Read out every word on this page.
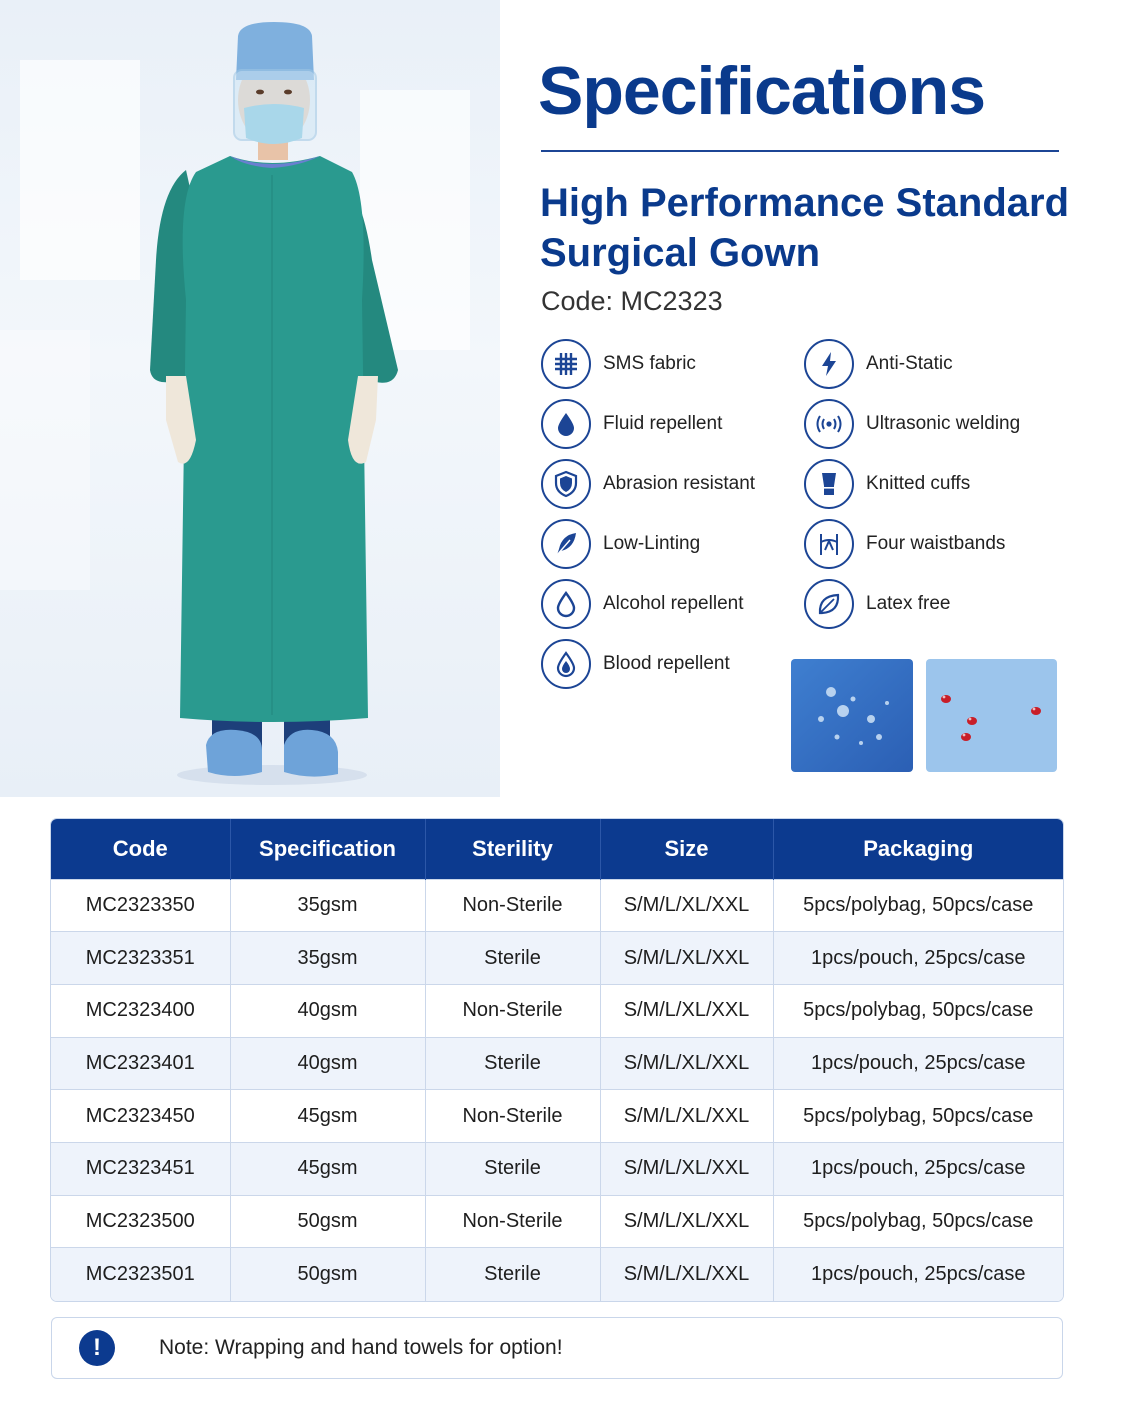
Specifications
High Performance Standard
Surgical Gown
Code: MC2323
SMS fabric
Fluid repellent
Abrasion resistant
Low-Linting
Alcohol repellent
Blood repellent
Anti-Static
Ultrasonic welding
Knitted cuffs
Four waistbands
Latex free
Code	Specification	Sterility	Size	Packaging
MC2323350	35gsm	Non-Sterile	S/M/L/XL/XXL	5pcs/polybag, 50pcs/case
MC2323351	35gsm	Sterile	S/M/L/XL/XXL	1pcs/pouch, 25pcs/case
MC2323400	40gsm	Non-Sterile	S/M/L/XL/XXL	5pcs/polybag, 50pcs/case
MC2323401	40gsm	Sterile	S/M/L/XL/XXL	1pcs/pouch, 25pcs/case
MC2323450	45gsm	Non-Sterile	S/M/L/XL/XXL	5pcs/polybag, 50pcs/case
MC2323451	45gsm	Sterile	S/M/L/XL/XXL	1pcs/pouch, 25pcs/case
MC2323500	50gsm	Non-Sterile	S/M/L/XL/XXL	5pcs/polybag, 50pcs/case
MC2323501	50gsm	Sterile	S/M/L/XL/XXL	1pcs/pouch, 25pcs/case
!	Note: Wrapping and hand towels for option!
